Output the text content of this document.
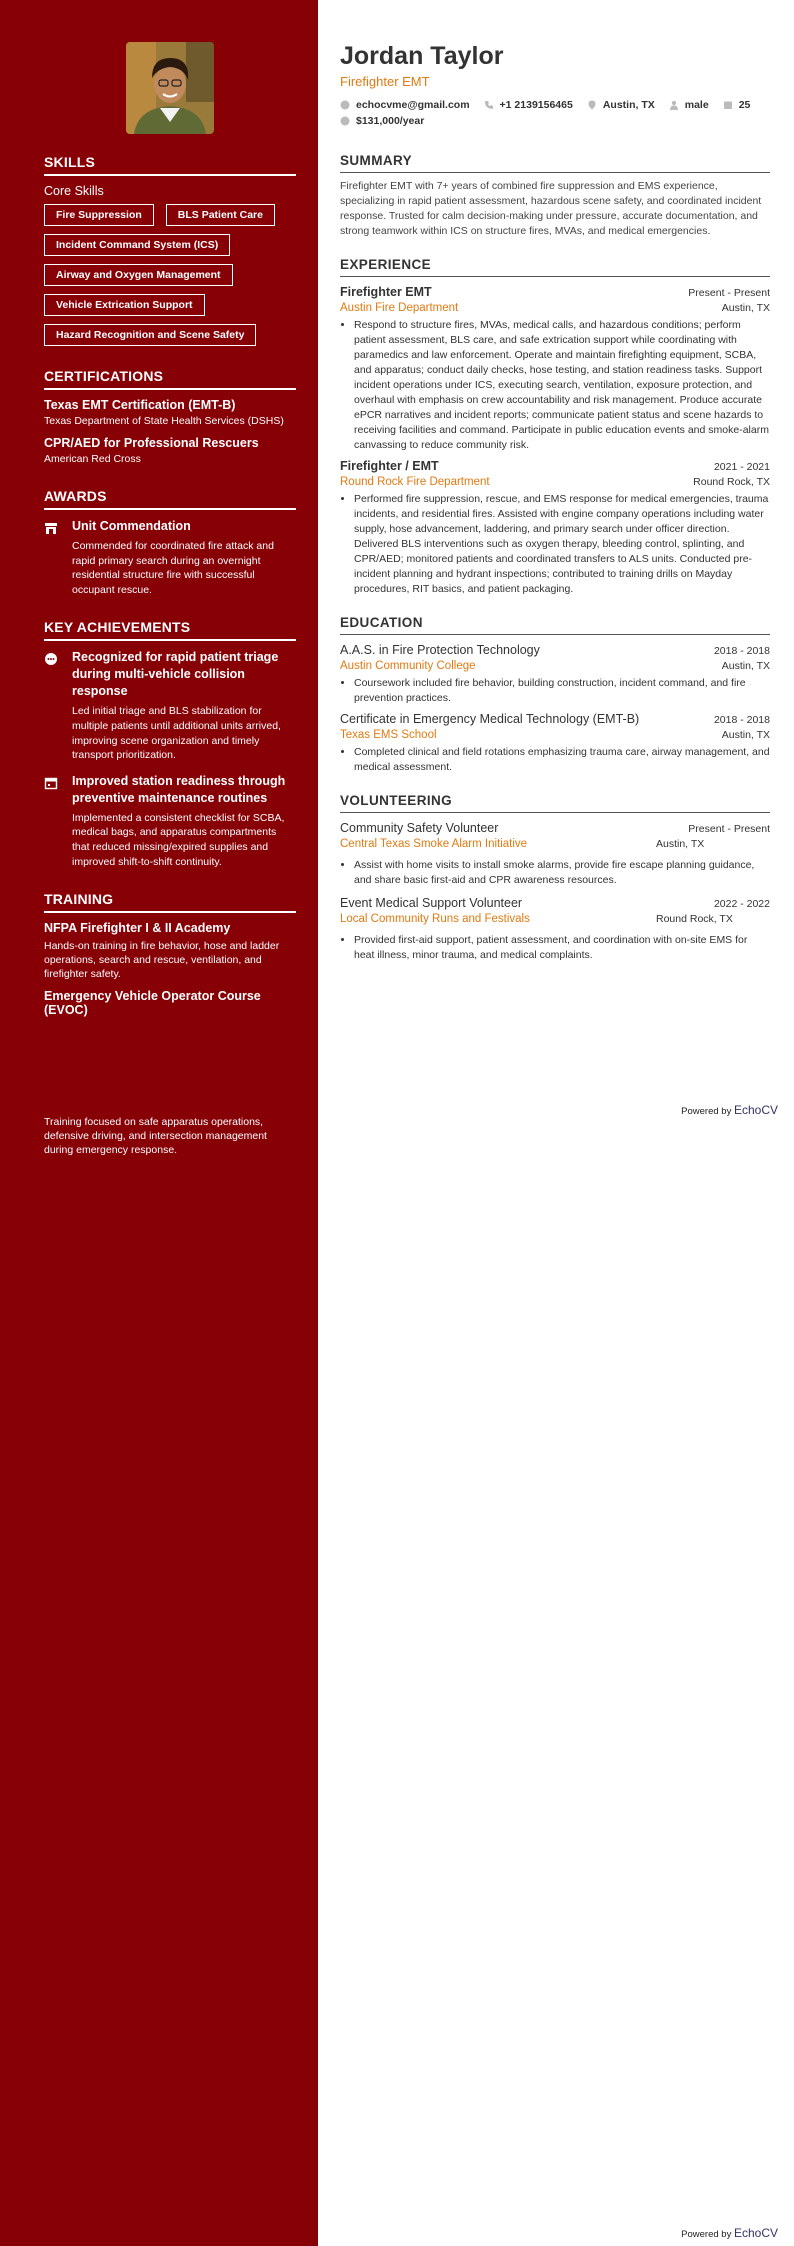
SKILLS
Core Skills
Fire Suppression	BLS Patient Care
Incident Command System (ICS)
Airway and Oxygen Management
Vehicle Extrication Support
Hazard Recognition and Scene Safety
CERTIFICATIONS

Texas EMT Certification (EMT-B)

Texas Department of State Health Services (DSHS)

CPR/AED for Professional Rescuers

American Red Cross

AWARDS

Unit Commendation

Commended for coordinated fire attack and rapid primary search during an overnight residential structure fire with successful occupant rescue.

KEY ACHIEVEMENTS

Recognized for rapid patient triage during multi-vehicle collision response

Led initial triage and BLS stabilization for multiple patients until additional units arrived, improving scene organization and timely transport prioritization.

Improved station readiness through preventive maintenance routines

Implemented a consistent checklist for SCBA, medical bags, and apparatus compartments that reduced missing/expired supplies and improved shift-to-shift continuity.

TRAINING

NFPA Firefighter I & II Academy

Hands-on training in fire behavior, hose and ladder operations, search and rescue, ventilation, and firefighter safety.

Emergency Vehicle Operator Course (EVOC)

Training focused on safe apparatus operations, defensive driving, and intersection management during emergency response.

Jordan Taylor
Firefighter EMT
echocvme@gmail.com	+1 2139156465	Austin, TX	male	25
$131,000/year
SUMMARY

Firefighter EMT with 7+ years of combined fire suppression and EMS experience, specializing in rapid patient assessment, hazardous scene safety, and coordinated incident response. Trusted for calm decision-making under pressure, accurate documentation, and strong teamwork within ICS on structure fires, MVAs, and medical emergencies.

EXPERIENCE
Firefighter EMT	Present - Present
Austin Fire Department	Austin, TX
• Respond to structure fires, MVAs, medical calls, and hazardous conditions; perform patient assessment, BLS care, and safe extrication support while coordinating with paramedics and law enforcement. Operate and maintain firefighting equipment, SCBA, and apparatus; conduct daily checks, hose testing, and station readiness tasks. Support incident operations under ICS, executing search, ventilation, exposure protection, and overhaul with emphasis on crew accountability and risk management. Produce accurate ePCR narratives and incident reports; communicate patient status and scene hazards to receiving facilities and command. Participate in public education events and smoke-alarm canvassing to reduce community risk.
Firefighter / EMT	2021 - 2021
Round Rock Fire Department	Round Rock, TX
• Performed fire suppression, rescue, and EMS response for medical emergencies, trauma incidents, and residential fires. Assisted with engine company operations including water supply, hose advancement, laddering, and primary search under officer direction. Delivered BLS interventions such as oxygen therapy, bleeding control, splinting, and CPR/AED; monitored patients and coordinated transfers to ALS units. Conducted pre-incident planning and hydrant inspections; contributed to training drills on Mayday procedures, RIT basics, and patient packaging.
EDUCATION
A.A.S. in Fire Protection Technology	2018 - 2018
Austin Community College	Austin, TX
• Coursework included fire behavior, building construction, incident command, and fire prevention practices.
Certificate in Emergency Medical Technology (EMT-B)	2018 - 2018
Texas EMS School	Austin, TX
• Completed clinical and field rotations emphasizing trauma care, airway management, and medical assessment.
VOLUNTEERING
Community Safety Volunteer	Present - Present
Central Texas Smoke Alarm Initiative	Austin, TX
• Assist with home visits to install smoke alarms, provide fire escape planning guidance, and share basic first-aid and CPR awareness resources.
Event Medical Support Volunteer	2022 - 2022
Local Community Runs and Festivals	Round Rock, TX
• Provided first-aid support, patient assessment, and coordination with on-site EMS for heat illness, minor trauma, and medical complaints.
Powered by EchoCV
Powered by EchoCV
